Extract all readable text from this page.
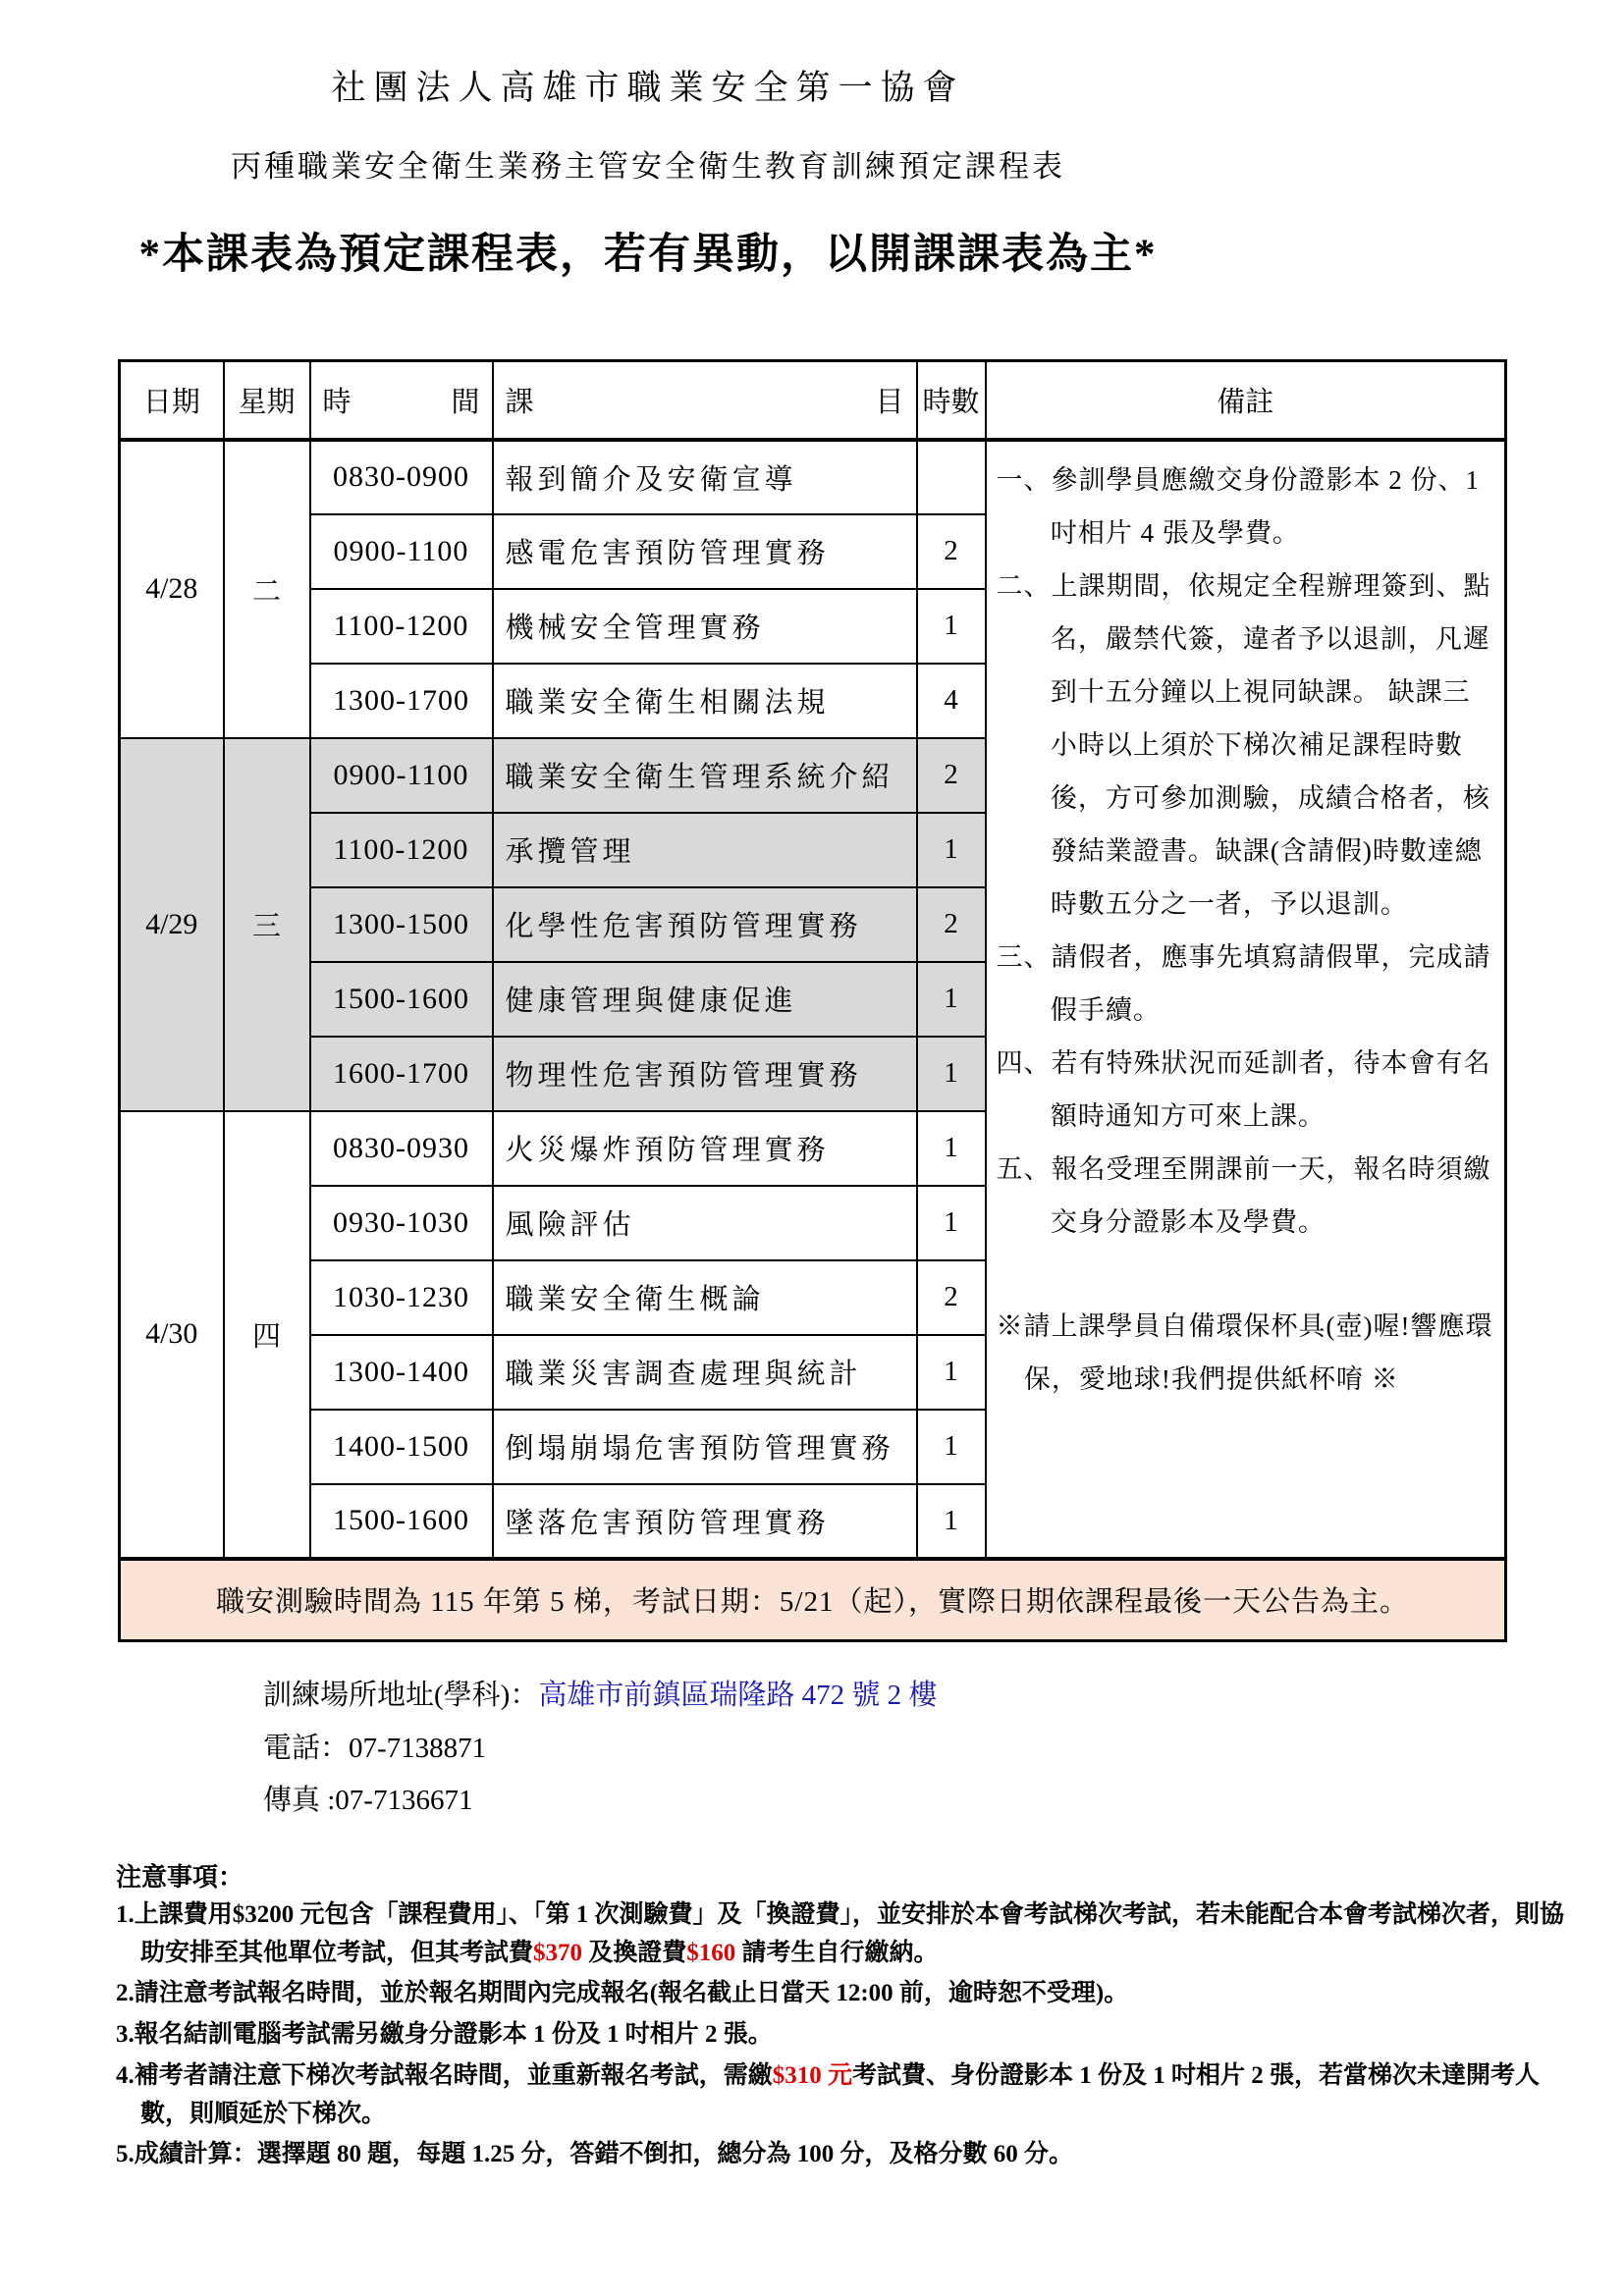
社團法人高雄市職業安全第一協會
丙種職業安全衛生業務主管安全衛生教育訓練預定課程表
*本課表為預定課程表，若有異動，以開課課表為主*
日期	星期	時 間	課 目	時數	備註
4/28	二	0830-0900	報到簡介及安衛宣導		一、參訓學員應繳交身份證影本 2 份、1 吋相片 4 張及學費。
二、上課期間，依規定全程辦理簽到、點名，嚴禁代簽，違者予以退訓，凡遲到十五分鐘以上視同缺課。 缺課三小時以上須於下梯次補足課程時數後，方可參加測驗，成績合格者，核發結業證書。缺課(含請假)時數達總時數五分之一者，予以退訓。
三、請假者，應事先填寫請假單，完成請假手續。
四、若有特殊狀況而延訓者，待本會有名額時通知方可來上課。
五、報名受理至開課前一天，報名時須繳交身分證影本及學費。
※請上課學員自備環保杯具(壺)喔!響應環保，愛地球!我們提供紙杯唷 ※

		0900-1100	感電危害預防管理實務	2	
		1100-1200	機械安全管理實務	1	
		1300-1700	職業安全衛生相關法規	4	
4/29	三	0900-1100	職業安全衛生管理系統介紹	2	
		1100-1200	承攬管理	1	
		1300-1500	化學性危害預防管理實務	2	
		1500-1600	健康管理與健康促進	1	
		1600-1700	物理性危害預防管理實務	1	
4/30	四	0830-0930	火災爆炸預防管理實務	1	
		0930-1030	風險評估	1	
		1030-1230	職業安全衛生概論	2	
		1300-1400	職業災害調查處理與統計	1	
		1400-1500	倒塌崩塌危害預防管理實務	1	
		1500-1600	墜落危害預防管理實務	1	
職安測驗時間為 115 年第 5 梯，考試日期：5/21（起），實際日期依課程最後一天公告為主。					
訓練場所地址(學科)：高雄市前鎮區瑞隆路 472 號 2 樓
電話：07-7138871
傳真 :07-7136671
注意事項：
1.上課費用$3200 元包含「課程費用」、「第 1 次測驗費」及「換證費」，並安排於本會考試梯次考試，若未能配合本會考試梯次者，則協助安排至其他單位考試，但其考試費$370 及換證費$160 請考生自行繳納。
2.請注意考試報名時間，並於報名期間內完成報名(報名截止日當天 12:00 前，逾時恕不受理)。
3.報名結訓電腦考試需另繳身分證影本 1 份及 1 吋相片 2 張。
4.補考者請注意下梯次考試報名時間，並重新報名考試，需繳$310 元考試費、身份證影本 1 份及 1 吋相片 2 張，若當梯次未達開考人數，則順延於下梯次。
5.成績計算：選擇題 80 題，每題 1.25 分，答錯不倒扣，總分為 100 分，及格分數 60 分。
